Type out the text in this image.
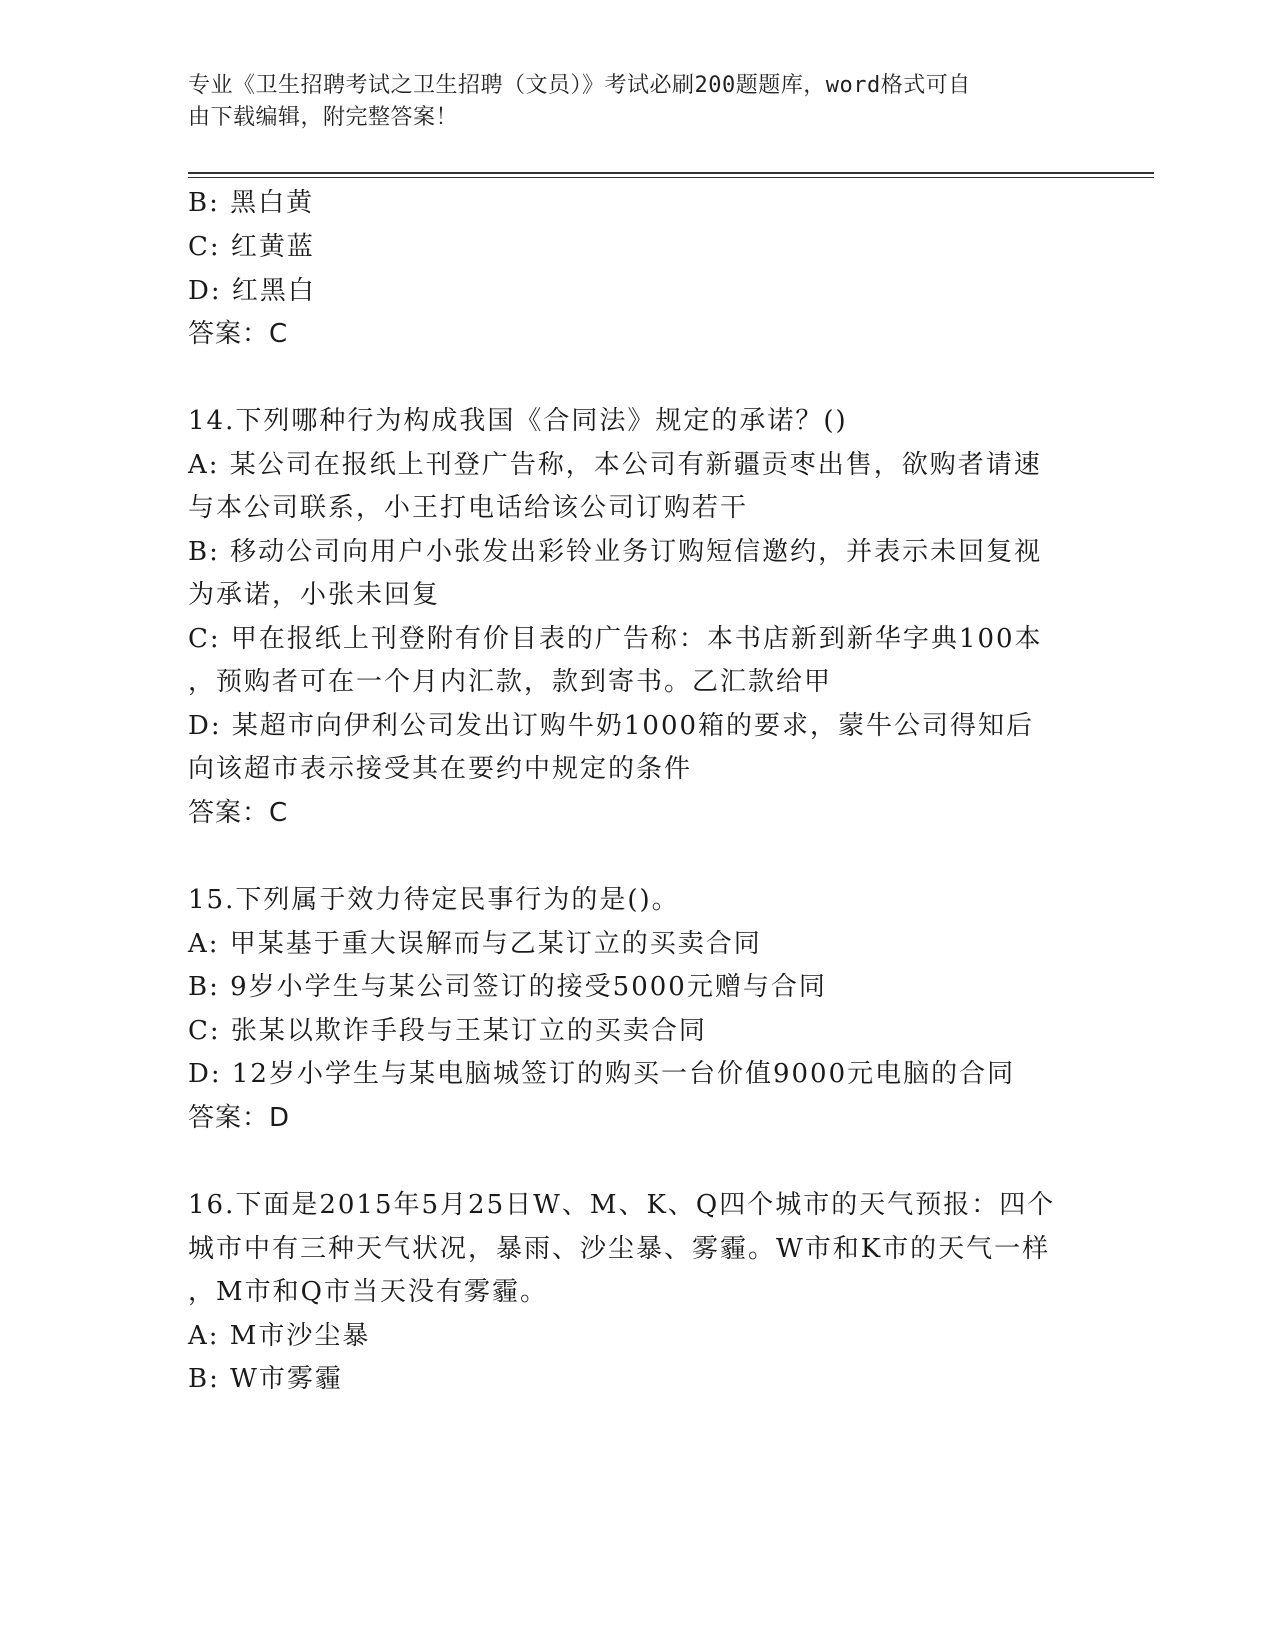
专业《卫生招聘考试之卫生招聘（文员）》考试必刷200题题库，word格式可自
由下载编辑，附完整答案！
B: 黑白黄
C: 红黄蓝
D: 红黑白
答案：C
14.下列哪种行为构成我国《合同法》规定的承诺？()
A: 某公司在报纸上刊登广告称，本公司有新疆贡枣出售，欲购者请速
与本公司联系，小王打电话给该公司订购若干
B: 移动公司向用户小张发出彩铃业务订购短信邀约，并表示未回复视
为承诺，小张未回复
C: 甲在报纸上刊登附有价目表的广告称：本书店新到新华字典100本
，预购者可在一个月内汇款，款到寄书。乙汇款给甲
D: 某超市向伊利公司发出订购牛奶1000箱的要求，蒙牛公司得知后
向该超市表示接受其在要约中规定的条件
答案：C
15.下列属于效力待定民事行为的是()。
A: 甲某基于重大误解而与乙某订立的买卖合同
B: 9岁小学生与某公司签订的接受5000元赠与合同
C: 张某以欺诈手段与王某订立的买卖合同
D: 12岁小学生与某电脑城签订的购买一台价值9000元电脑的合同
答案：D
16.下面是2015年5月25日W、M、K、Q四个城市的天气预报：四个
城市中有三种天气状况，暴雨、沙尘暴、雾霾。W市和K市的天气一样
，M市和Q市当天没有雾霾。
A: M市沙尘暴
B: W市雾霾
